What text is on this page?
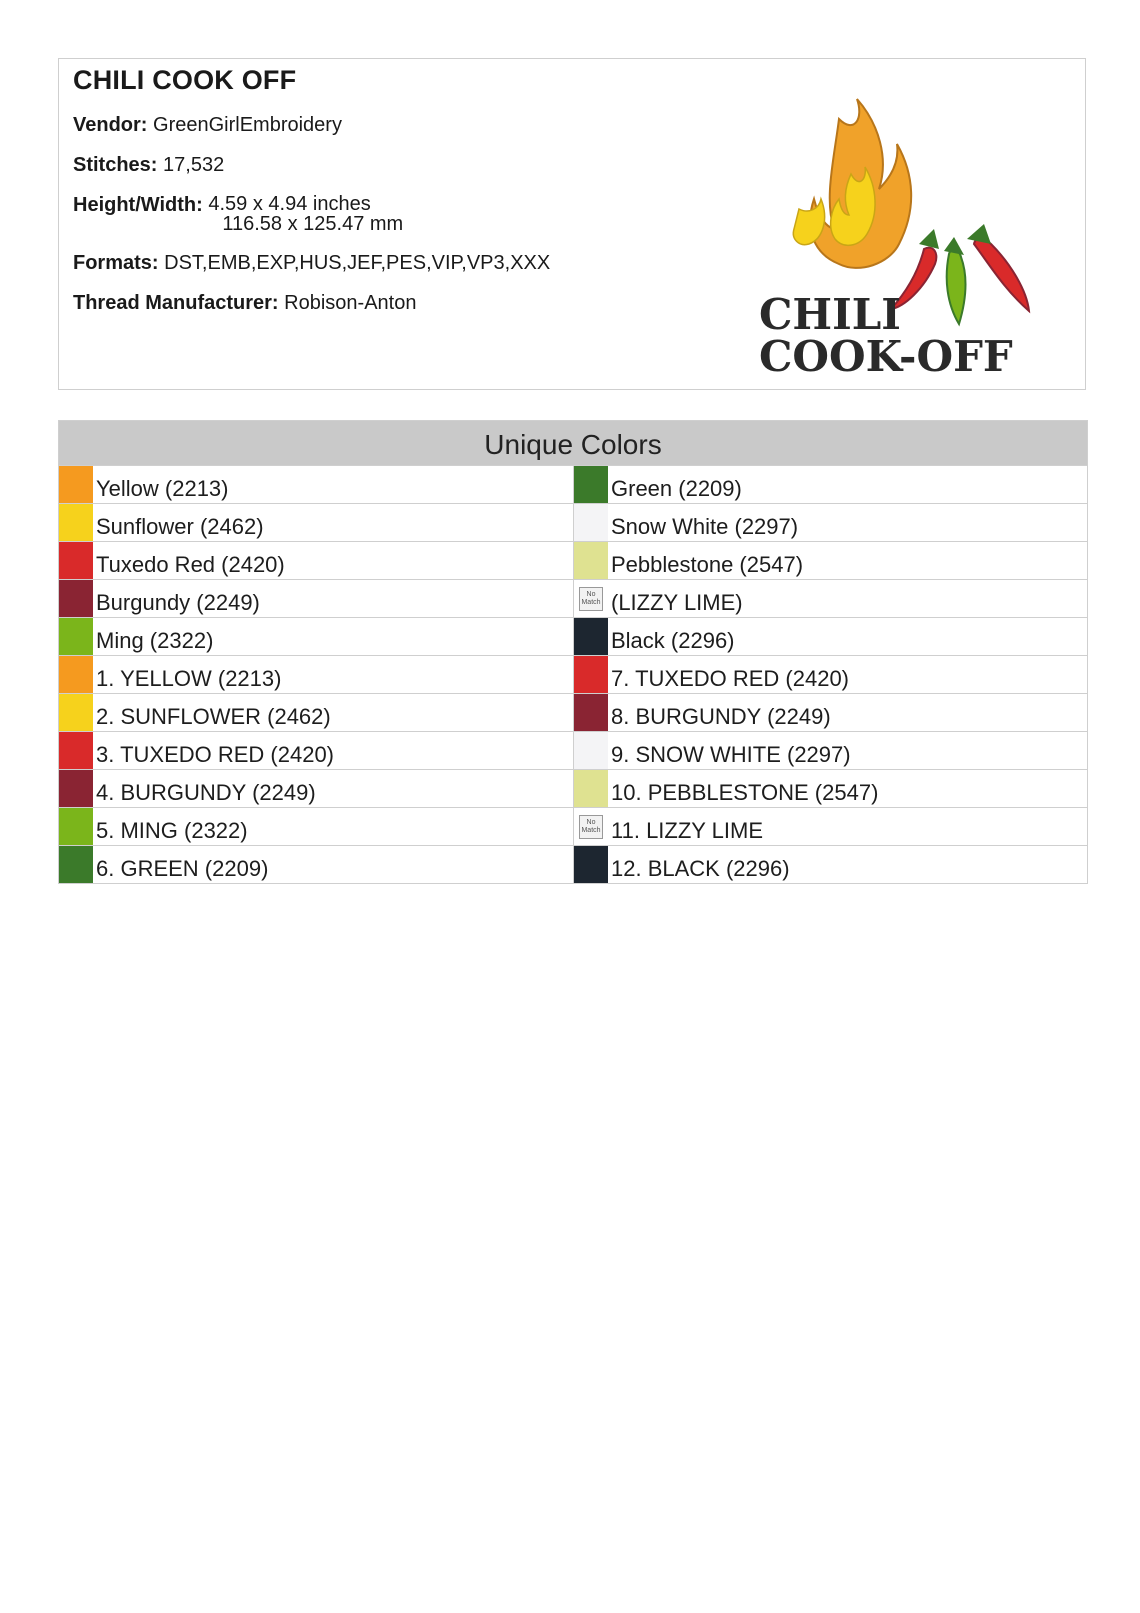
CHILI COOK OFF
Vendor: GreenGirlEmbroidery
Stitches: 17,532
Height/Width: 4.59 x 4.94 inches
116.58 x 125.47 mm
Formats: DST,EMB,EXP,HUS,JEF,PES,VIP,VP3,XXX
Thread Manufacturer: Robison-Anton	CHILI
COOK-OFF
Unique Colors
Yellow (2213)	Green (2209)
Sunflower (2462)	Snow White (2297)
Tuxedo Red (2420)	Pebblestone (2547)
Burgundy (2249)	No Match (LIZZY LIME)
Ming (2322)	Black (2296)
1. YELLOW (2213)	7. TUXEDO RED (2420)
2. SUNFLOWER (2462)	8. BURGUNDY (2249)
3. TUXEDO RED (2420)	9. SNOW WHITE (2297)
4. BURGUNDY (2249)	10. PEBBLESTONE (2547)
5. MING (2322)	No Match 11. LIZZY LIME
6. GREEN (2209)	12. BLACK (2296)
